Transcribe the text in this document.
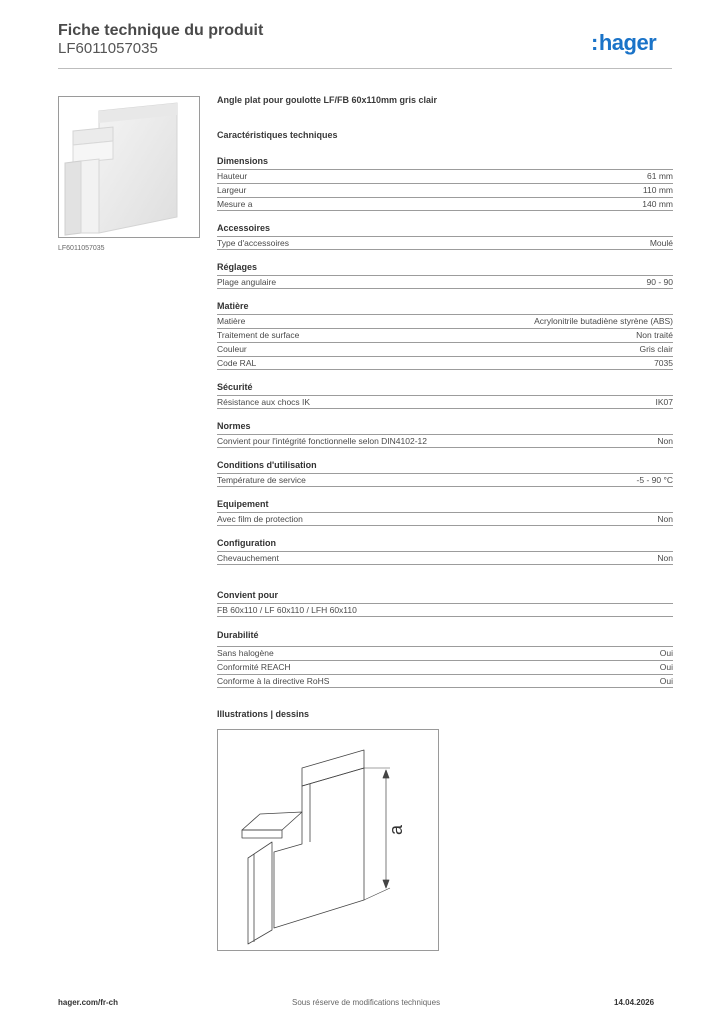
Fiche technique du produit
LF6011057035	:hager
LF6011057035
Angle plat pour goulotte LF/FB 60x110mm gris clair
Caractéristiques techniques
Dimensions
Hauteur	61 mm
Largeur	110 mm
Mesure a	140 mm
Accessoires
Type d'accessoires	Moulé
Réglages
Plage angulaire	90 - 90
Matière
Matière	Acrylonitrile butadiène styrène (ABS)
Traitement de surface	Non traité
Couleur	Gris clair
Code RAL	7035
Sécurité
Résistance aux chocs IK	IK07
Normes
Convient pour l'intégrité fonctionnelle selon DIN4102-12	Non
Conditions d'utilisation
Température de service	-5 - 90 °C
Equipement
Avec film de protection	Non
Configuration
Chevauchement	Non
Convient pour
FB 60x110 / LF 60x110 / LFH 60x110
Durabilité
Sans halogène	Oui
Conformité REACH	Oui
Conforme à la directive RoHS	Oui
Illustrations | dessins
a
hager.com/fr-ch	Sous réserve de modifications techniques	14.04.2026
